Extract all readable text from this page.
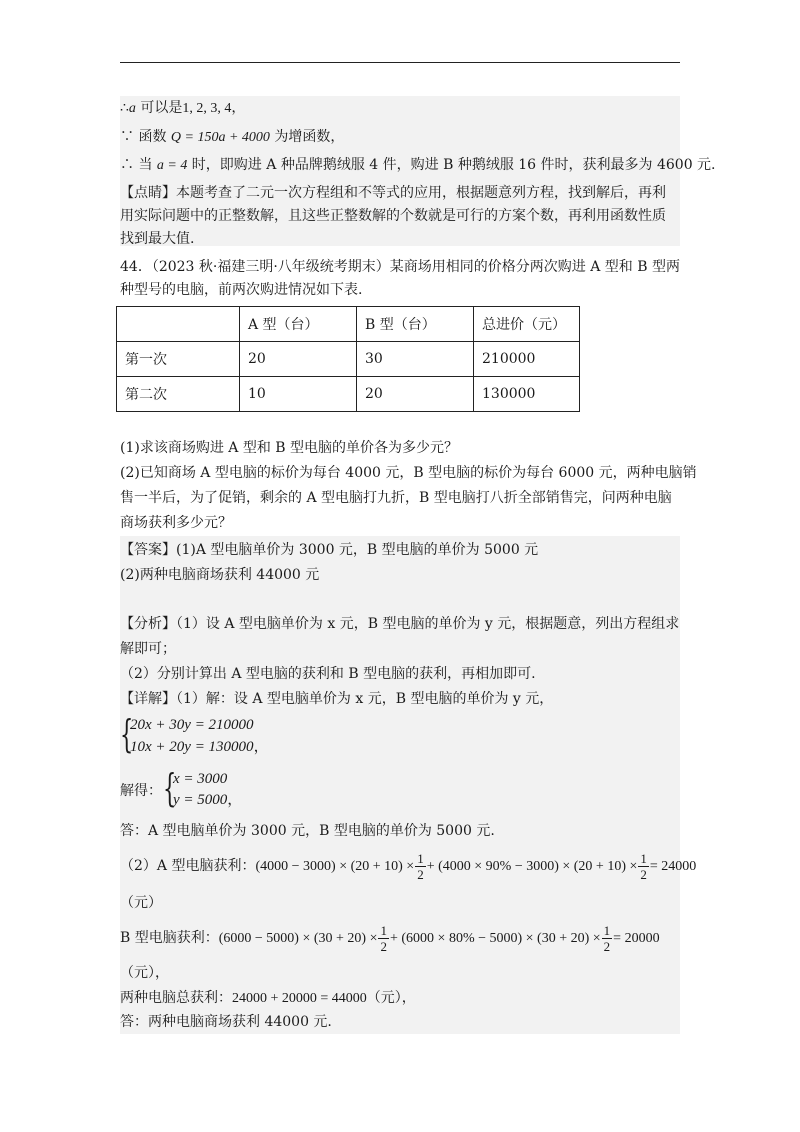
∴a 可以是1, 2, 3, 4，
∵ 函数 Q = 150a + 4000 为增函数，
∴ 当 a = 4 时，即购进 A 种品牌鹅绒服 4 件，购进 B 种鹅绒服 16 件时，获利最多为 4600 元.
【点睛】本题考查了二元一次方程组和不等式的应用，根据题意列方程，找到解后，再利
用实际问题中的正整数解，且这些正整数解的个数就是可行的方案个数，再利用函数性质
找到最大值.
44．（2023 秋·福建三明·八年级统考期末）某商场用相同的价格分两次购进 A 型和 B 型两
种型号的电脑，前两次购进情况如下表.
	A 型（台）	B 型（台）	总进价（元）
第一次	20	30	210000
第二次	10	20	130000
(1)求该商场购进 A 型和 B 型电脑的单价各为多少元？
(2)已知商场 A 型电脑的标价为每台 4000 元，B 型电脑的标价为每台 6000 元，两种电脑销
售一半后，为了促销，剩余的 A 型电脑打九折，B 型电脑打八折全部销售完，问两种电脑
商场获利多少元？
【答案】(1)A 型电脑单价为 3000 元，B 型电脑的单价为 5000 元
(2)两种电脑商场获利 44000 元
【分析】（1）设 A 型电脑单价为 x 元，B 型电脑的单价为 y 元，根据题意，列出方程组求
解即可；
（2）分别计算出 A 型电脑的获利和 B 型电脑的获利，再相加即可.
【详解】（1）解：设 A 型电脑单价为 x 元，B 型电脑的单价为 y 元，
{
20x + 30y = 210000
10x + 20y = 130000，
解得： {
x = 3000
y = 5000，
答：A 型电脑单价为 3000 元，B 型电脑的单价为 5000 元.
（2）A 型电脑获利：$(4000 - 3000) \times (20 + 10) \times \frac{1}{2} + (4000 \times 90\% - 3000) \times (20 + 10) \times \frac{1}{2} = 24000$
（元）
B 型电脑获利：$(6000 - 5000) \times (30 + 20) \times \frac{1}{2} + (6000 \times 80\% - 5000) \times (30 + 20) \times \frac{1}{2} = 20000$
（元），
两种电脑总获利：24000 + 20000 = 44000（元），
答：两种电脑商场获利 44000 元.
